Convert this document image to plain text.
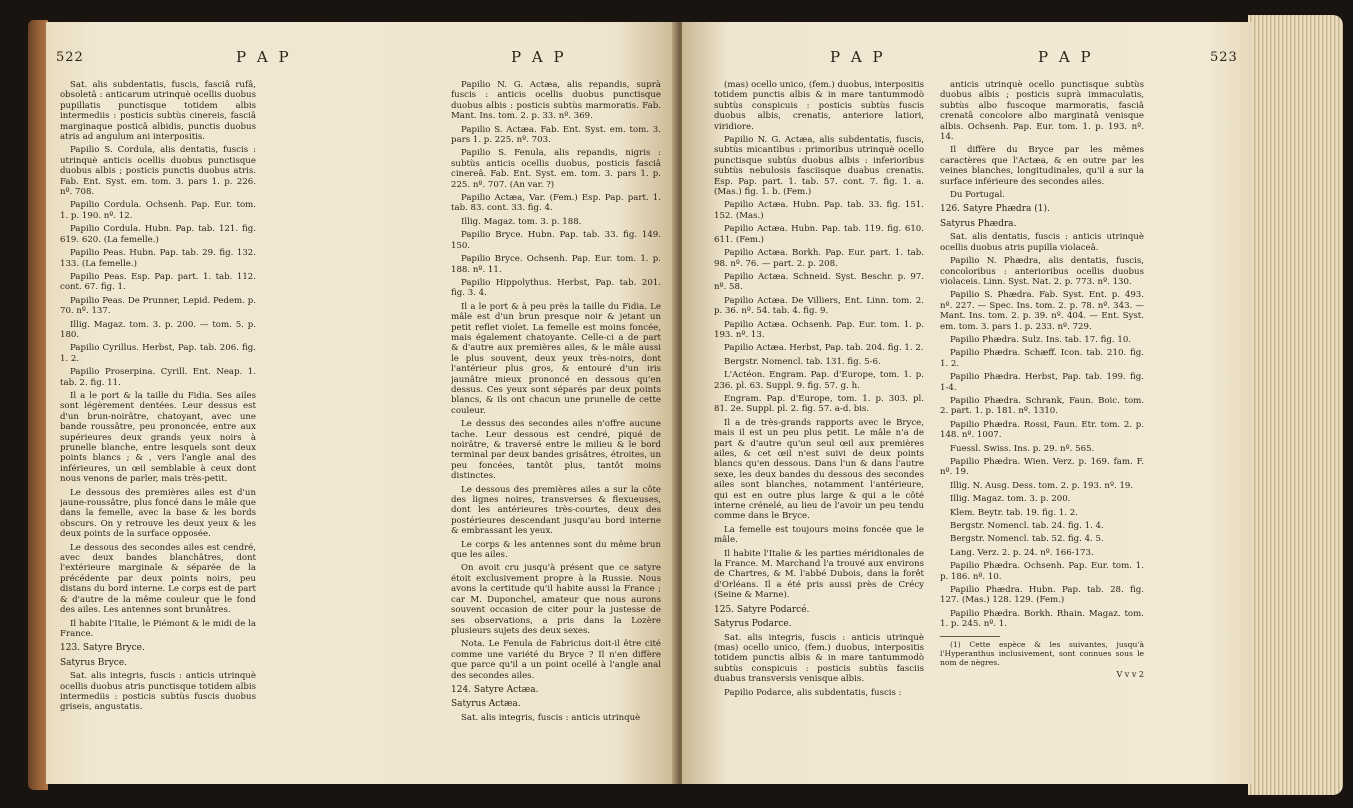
522	P A P	P A P

Sat. alis subdentatis, fuscis, fasciâ rufâ, obsoletâ : anticarum utrinquè ocellis duobus pupillatis punctisque totidem albis intermediis : posticis subtùs cinereis, fasciâ marginaque posticâ albidis, punctis duobus atris ad angulum ani interpositis.

Papilio S. Cordula, alis dentatis, fuscis : utrinquè anticis ocellis duobus punctisque duobus albis ; posticis punctis duobus atris. Fab. Ent. Syst. em. tom. 3. pars 1. p. 226. nº. 708.

Papilio Cordula. Ochsenh. Pap. Eur. tom. 1. p. 190. nº. 12.

Papilio Cordula. Hubn. Pap. tab. 121. fig. 619. 620. (La femelle.)

Papilio Peas. Hubn. Pap. tab. 29. fig. 132. 133. (La femelle.)

Papilio Peas. Esp. Pap. part. 1. tab. 112. cont. 67. fig. 1.

Papilio Peas. De Prunner, Lepid. Pedem. p. 70. nº. 137.

Illig. Magaz. tom. 3. p. 200. — tom. 5. p. 180.

Papilio Cyrillus. Herbst, Pap. tab. 206. fig. 1. 2.

Papilio Proserpina. Cyrill. Ent. Neap. 1. tab. 2. fig. 11.

Il a le port & la taille du Fidia. Ses ailes sont légèrement dentées. Leur dessus est d'un brun-noirâtre, chatoyant, avec une bande roussâtre, peu prononcée, entre aux supérieures deux grands yeux noirs à prunelle blanche, entre lesquels sont deux points blancs ; & , vers l'angle anal des inférieures, un œil semblable à ceux dont nous venons de parler, mais très-petit.

Le dessous des premières ailes est d'un jaune-roussâtre, plus foncé dans le mâle que dans la femelle, avec la base & les bords obscurs. On y retrouve les deux yeux & les deux points de la surface opposée.

Le dessous des secondes ailes est cendré, avec deux bandes blanchâtres, dont l'extérieure marginale & séparée de la précédente par deux points noirs, peu distans du bord interne. Le corps est de part & d'autre de la même couleur que le fond des ailes. Les antennes sont brunâtres.

Il habite l'Italie, le Piémont & le midi de la France.

123. Satyre Bryce.

Satyrus Bryce.

Sat. alis integris, fuscis : anticis utrinquè ocellis duobus atris punctisque totidem albis intermediis : posticis subtùs fuscis duobus griseis, angustatis.

Papilio N. G. Actæa, alis repandis, suprà fuscis : anticis ocellis duobus punctisque duobus albis : posticis subtùs marmoratis. Fab. Mant. Ins. tom. 2. p. 33. nº. 369.

Papilio S. Actæa. Fab. Ent. Syst. em. tom. 3. pars 1. p. 225. nº. 703.

Papilio S. Fenula, alis repandis, nigris : subtùs anticis ocellis duobus, posticis fasciâ cinereâ. Fab. Ent. Syst. em. tom. 3. pars 1. p. 225. nº. 707. (An var. ?)

Papilio Actæa, Var. (Fem.) Esp. Pap. part. 1. tab. 83. cont. 33. fig. 4.

Illig. Magaz. tom. 3. p. 188.

Papilio Bryce. Hubn. Pap. tab. 33. fig. 149. 150.

Papilio Bryce. Ochsenh. Pap. Eur. tom. 1. p. 188. nº. 11.

Papilio Hippolythus. Herbst, Pap. tab. 201. fig. 3. 4.

Il a le port & à peu près la taille du Fidia. Le mâle est d'un brun presque noir & jetant un petit reflet violet. La femelle est moins foncée, mais également chatoyante. Celle-ci a de part & d'autre aux premières ailes, & le mâle aussi le plus souvent, deux yeux très-noirs, dont l'antérieur plus gros, & entouré d'un iris jaunâtre mieux prononcé en dessous qu'en dessus. Ces yeux sont séparés par deux points blancs, & ils ont chacun une prunelle de cette couleur.

Le dessus des secondes ailes n'offre aucune tache. Leur dessous est cendré, piqué de noirâtre, & traversé entre le milieu & le bord terminal par deux bandes grisâtres, étroites, un peu foncées, tantôt plus, tantôt moins distinctes.

Le dessous des premières ailes a sur la côte des lignes noires, transverses & flexueuses, dont les antérieures très-courtes, deux des postérieures descendant jusqu'au bord interne & embrassant les yeux.

Le corps & les antennes sont du même brun que les ailes.

On avoit cru jusqu'à présent que ce satyre étoit exclusivement propre à la Russie. Nous avons la certitude qu'il habite aussi la France ; car M. Duponchel, amateur que nous aurons souvent occasion de citer pour la justesse de ses observations, a pris dans la Lozère plusieurs sujets des deux sexes.

Nota. Le Fenula de Fabricius doit-il être cité comme une variété du Bryce ? Il n'en diffère que parce qu'il a un point ocellé à l'angle anal des secondes ailes.

124. Satyre Actæa.

Satyrus Actæa.

Sat. alis integris, fuscis : anticis utrinquè

P A P	P A P	523

(mas) ocello unico, (fem.) duobus, interpositis totidem punctis albis & in mare tantummodò subtùs conspicuis : posticis subtùs fuscis duobus albis, crenatis, anteriore latiori, viridiore.

Papilio N. G. Actæa, alis subdentatis, fuscis, subtùs micantibus : primoribus utrinquè ocello punctisque subtùs duobus albis : inferioribus subtùs nebulosis fasciisque duabus crenatis. Esp. Pap. part. 1. tab. 57. cont. 7. fig. 1. a. (Mas.) fig. 1. b. (Fem.)

Papilio Actæa. Hubn. Pap. tab. 33. fig. 151. 152. (Mas.)

Papilio Actæa. Hubn. Pap. tab. 119. fig. 610. 611. (Fem.)

Papilio Actæa. Borkh. Pap. Eur. part. 1. tab. 98. nº. 76. — part. 2. p. 208.

Papilio Actæa. Schneid. Syst. Beschr. p. 97. nº. 58.

Papilio Actæa. De Villiers, Ent. Linn. tom. 2. p. 36. nº. 54. tab. 4. fig. 9.

Papilio Actæa. Ochsenh. Pap. Eur. tom. 1. p. 193. nº. 13.

Papilio Actæa. Herbst, Pap. tab. 204. fig. 1. 2.

Bergstr. Nomencl. tab. 131. fig. 5-6.

L'Actéon. Engram. Pap. d'Europe, tom. 1. p. 236. pl. 63. Suppl. 9. fig. 57. g. h.

Engram. Pap. d'Europe, tom. 1. p. 303. pl. 81. 2e. Suppl. pl. 2. fig. 57. a-d. bis.

Il a de très-grands rapports avec le Bryce, mais il est un peu plus petit. Le mâle n'a de part & d'autre qu'un seul œil aux premières ailes, & cet œil n'est suivi de deux points blancs qu'en dessous. Dans l'un & dans l'autre sexe, les deux bandes du dessous des secondes ailes sont blanches, notamment l'antérieure, qui est en outre plus large & qui a le côté interne crénelé, au lieu de l'avoir un peu tendu comme dans le Bryce.

La femelle est toujours moins foncée que le mâle.

Il habite l'Italie & les parties méridionales de la France. M. Marchand l'a trouvé aux environs de Chartres, & M. l'abbé Dubois, dans la forêt d'Orléans. Il a été pris aussi près de Crécy (Seine & Marne).

125. Satyre Podarcé.

Satyrus Podarce.

Sat. alis integris, fuscis : anticis utrinquè (mas) ocello unico, (fem.) duobus, interpositis totidem punctis albis & in mare tantummodò subtùs conspicuis : posticis subtùs fasciis duabus transversis venisque albis.

Papilio Podarce, alis subdentatis, fuscis :

anticis utrinquè ocello punctisque subtùs duobus albis ; posticis suprà immaculatis, subtùs albo fuscoque marmoratis, fasciâ crenatâ concolore albo marginatâ venisque albis. Ochsenh. Pap. Eur. tom. 1. p. 193. nº. 14.

Il diffère du Bryce par les mêmes caractères que l'Actæa, & en outre par les veines blanches, longitudinales, qu'il a sur la surface inférieure des secondes ailes.

Du Portugal.

126. Satyre Phædra (1).

Satyrus Phædra.

Sat. alis dentatis, fuscis : anticis utrinquè ocellis duobus atris pupilla violaceâ.

Papilio N. Phædra, alis dentatis, fuscis, concoloribus : anterioribus ocellis duobus violaceis. Linn. Syst. Nat. 2. p. 773. nº. 130.

Papilio S. Phædra. Fab. Syst. Ent. p. 493. nº. 227. — Spec. Ins. tom. 2. p. 78. nº. 343. — Mant. Ins. tom. 2. p. 39. nº. 404. — Ent. Syst. em. tom. 3. pars 1. p. 233. nº. 729.

Papilio Phædra. Sulz. Ins. tab. 17. fig. 10.

Papilio Phædra. Schæff. Icon. tab. 210. fig. 1. 2.

Papilio Phædra. Herbst, Pap. tab. 199. fig. 1-4.

Papilio Phædra. Schrank, Faun. Boic. tom. 2. part. 1. p. 181. nº. 1310.

Papilio Phædra. Rossi, Faun. Etr. tom. 2. p. 148. nº. 1007.

Fuessl. Swiss. Ins. p. 29. nº. 565.

Papilio Phædra. Wien. Verz. p. 169. fam. F. nº. 19.

Illig. N. Ausg. Dess. tom. 2. p. 193. nº. 19.

Illig. Magaz. tom. 3. p. 200.

Klem. Beytr. tab. 19. fig. 1. 2.

Bergstr. Nomencl. tab. 24. fig. 1. 4.

Bergstr. Nomencl. tab. 52. fig. 4. 5.

Lang. Verz. 2. p. 24. nº. 166-173.

Papilio Phædra. Ochsenh. Pap. Eur. tom. 1. p. 186. nº. 10.

Papilio Phædra. Hubn. Pap. tab. 28. fig. 127. (Mas.) 128. 129. (Fem.)

Papilio Phædra. Borkh. Rhain. Magaz. tom. 1. p. 245. nº. 1.

(1) Cette espèce & les suivantes, jusqu'à l'Hyperanthus inclusivement, sont connues sous le nom de nègres.

V v v 2
